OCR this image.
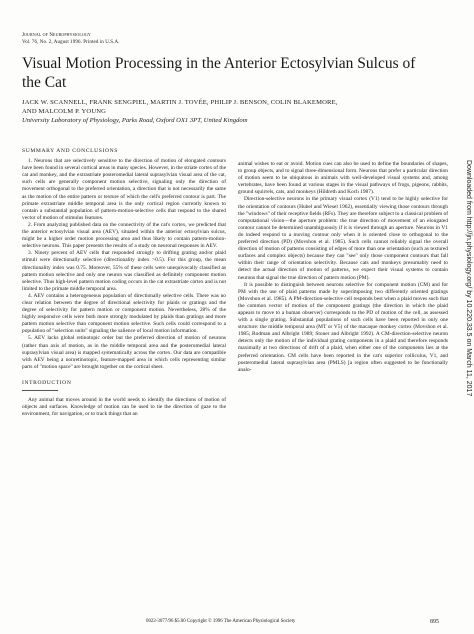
Journal of Neurophysiology
Vol. 76, No. 2, August 1996. Printed in U.S.A.
Visual Motion Processing in the Anterior Ectosylvian Sulcus of the Cat
JACK W. SCANNELL, FRANK SENGPIEL, MARTIN J. TOVÉE, PHILIP J. BENSON, COLIN BLAKEMORE,
AND MALCOLM P. YOUNG
University Laboratory of Physiology, Parks Road, Oxford OX1 3PT, United Kingdom
SUMMARY AND CONCLUSIONS

1. Neurons that are selectively sensitive to the direction of motion of elongated contours have been found in several cortical areas in many species. However, in the striate cortex of the cat and monkey, and the extrastriate posteromedial lateral suprasylvian visual area of the cat, such cells are generally component motion selective, signaling only the direction of movement orthogonal to the preferred orientation, a direction that is not necessarily the same as the motion of the entire pattern or texture of which the cell's preferred contour is part. The primate extrastriate middle temporal area is the only cortical region currently known to contain a substantial population of pattern-motion-selective cells that respond to the shared vector of motion of stimulus features.

2. From analyzing published data on the connectivity of the cat's cortex, we predicted that the anterior ectosylvian visual area (AEV), situated within the anterior ectosylvian sulcus, might be a higher order motion processing area and thus likely to contain pattern-motion-selective neurons. This paper presents the results of a study on neuronal responses in AEV.

3. Ninety percent of AEV cells that responded strongly to drifting grating and/or plaid stimuli were directionally selective (directionality index >0.5). For this group, the mean directionality index was 0.75. Moreover, 55% of these cells were unequivocally classified as pattern motion selective and only one neuron was classified as definitely component motion selective. Thus high-level pattern motion coding occurs in the cat extrastriate cortex and is not limited to the primate middle temporal area.

4. AEV contains a heterogeneous population of directionally selective cells. There was no clear relation between the degree of directional selectivity for plaids or gratings and the degree of selectivity for pattern motion or component motion. Nevertheless, 28% of the highly responsive cells were both more strongly modulated by plaids than gratings and more pattern motion selective than component motion selective. Such cells could correspond to a population of "selection units" signaling the salience of local motion information.

5. AEV lacks global retinotopic order but the preferred direction of motion of neurons (rather than axis of motion, as in the middle temporal area and the posteromedial lateral suprasylvian visual area) is mapped systematically across the cortex. Our data are compatible with AEV being a nonretinotopic, feature-mapped area in which cells representing similar parts of "motion space" are brought together on the cortical sheet.

INTRODUCTION

Any animal that moves around in the world needs to identify the directions of motion of objects and surfaces. Knowledge of motion can be used to tie the direction of gaze to the environment, for navigation, or to track things that an

animal wishes to eat or avoid. Motion cues can also be used to define the boundaries of shapes, to group objects, and to signal three-dimensional form. Neurons that prefer a particular direction of motion seem to be ubiquitous in animals with well-developed visual systems and, among vertebrates, have been found at various stages in the visual pathways of frogs, pigeons, rabbits, ground squirrels, cats, and monkeys (Hildreth and Koch 1987).

Direction-selective neurons in the primary visual cortex (V1) tend to be highly selective for the orientation of contours (Hubel and Wiesel 1962), essentially viewing those contours through the "windows" of their receptive fields (RFs). They are therefore subject to a classical problem of computational vision—the aperture problem: the true direction of movement of an elongated contour cannot be determined unambiguously if it is viewed through an aperture. Neurons in V1 do indeed respond to a moving contour only when it is oriented close to orthogonal to the preferred direction (PD) (Movshon et al. 1985). Such cells cannot reliably signal the overall direction of motion of patterns consisting of edges of more than one orientation (such as textured surfaces and complex objects) because they can "see" only those component contours that fall within their range of orientation selectivity. Because cats and monkeys presumably need to detect the actual direction of motion of patterns, we expect their visual systems to contain neurons that signal the true direction of pattern motion (PM).

It is possible to distinguish between neurons selective for component motion (CM) and for PM with the use of plaid patterns made by superimposing two differently oriented gratings (Movshon et al. 1985). A PM-direction-selective cell responds best when a plaid moves such that the common vector of motion of the component gratings (the direction in which the plaid appears to move to a human observer) corresponds to the PD of motion of the cell, as assessed with a single grating. Substantial populations of such cells have been reported in only one structure: the middle temporal area (MT or V5) of the macaque monkey cortex (Movshon et al. 1985; Rodman and Albright 1989; Stoner and Albright 1992). A CM-direction-selective neuron detects only the motion of the individual grating components in a plaid and therefore responds maximally at two directions of drift of a plaid, when either one of the components lies at the preferred orientation. CM cells have been reported in the cat's superior colliculus, V1, and posteromedial lateral suprasylvian area (PMLS) [a region often suggested to be functionally analo-	Downloaded from http://jn.physiology.org/ by 10.220.33.5 on March 11, 2017
0022-3077/96 $5.00 Copyright © 1996 The American Physiological Society	895
